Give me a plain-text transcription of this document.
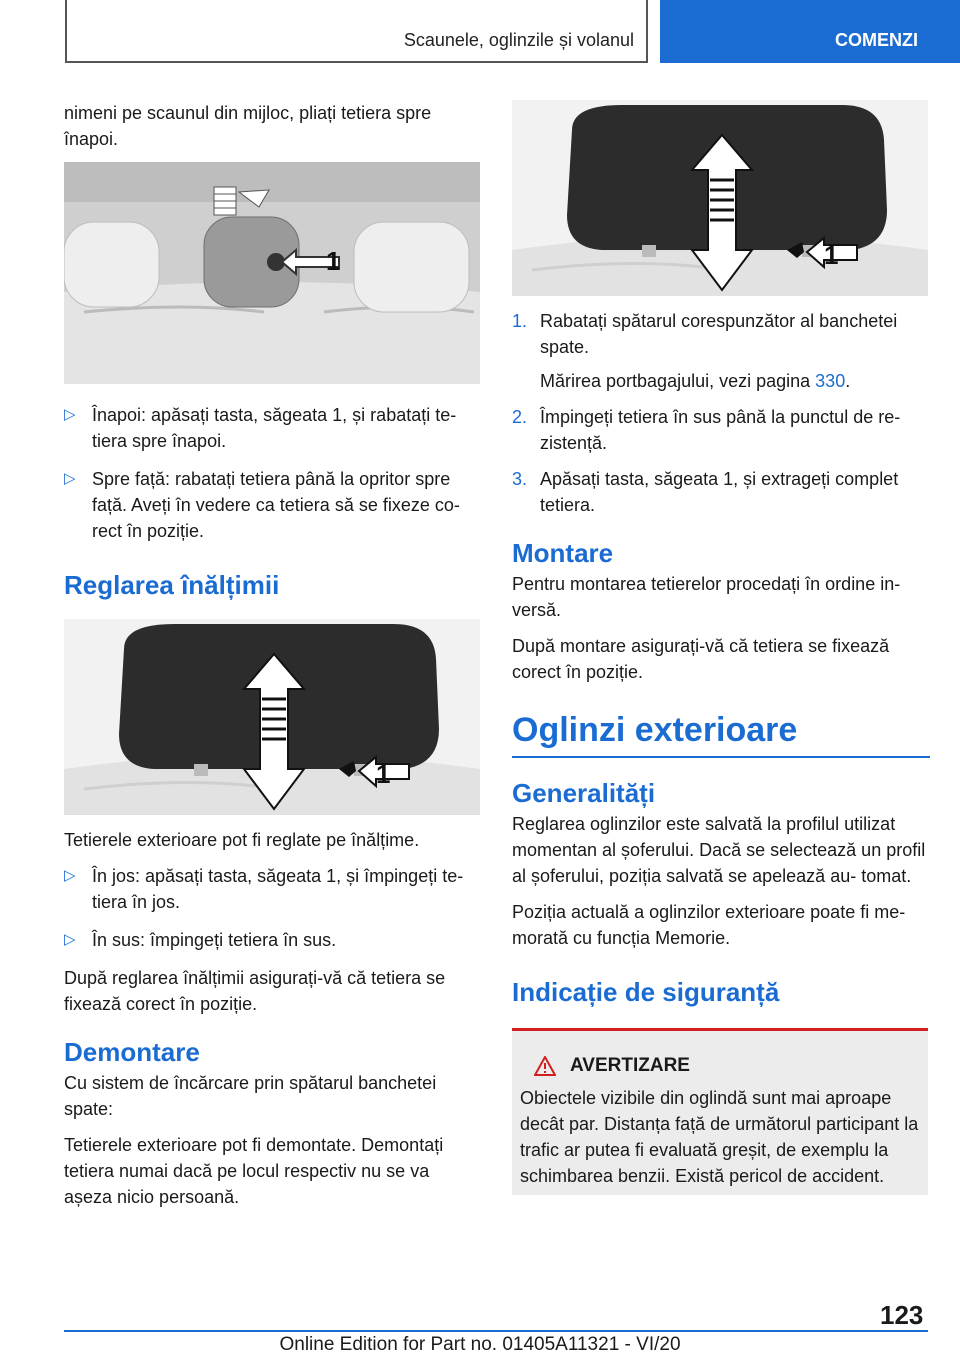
Scaunele, oglinzile și volanul	COMENZI

nimeni pe scaunul din mijloc, pliați tetiera spre înapoi.

1
▷ Înapoi: apăsați tasta, săgeata 1, și rabatați te- tiera spre înapoi.
▷ Spre față: rabatați tetiera până la opritor spre față. Aveți în vedere ca tetiera să se fixeze co- rect în poziție.
Reglarea înălțimii
1

Tetierele exterioare pot fi reglate pe înălțime.

▷ În jos: apăsați tasta, săgeata 1, și împingeți te- tiera în jos.
▷ În sus: împingeți tetiera în sus.

După reglarea înălțimii asigurați-vă că tetiera se fixează corect în poziție.

Demontare

Cu sistem de încărcare prin spătarul banchetei spate:

Tetierele exterioare pot fi demontate. Demontați tetiera numai dacă pe locul respectiv nu se va așeza nicio persoană.

1
1. Rabatați spătarul corespunzător al banchetei spate.
Mărirea portbagajului, vezi pagina 330.
2. Împingeți tetiera în sus până la punctul de re- zistență.
3. Apăsați tasta, săgeata 1, și extrageți complet tetiera.
Montare

Pentru montarea tetierelor procedați în ordine in- versă.

După montare asigurați-vă că tetiera se fixează corect în poziție.

Oglinzi exterioare
Generalități

Reglarea oglinzilor este salvată la profilul utilizat momentan al șoferului. Dacă se selectează un profil al șoferului, poziția salvată se apelează au- tomat.

Poziția actuală a oglinzilor exterioare poate fi me- morată cu funcția Memorie.

Indicație de siguranță
AVERTIZARE

Obiectele vizibile din oglindă sunt mai aproape decât par. Distanța față de următorul participant la trafic ar putea fi evaluată greșit, de exemplu la schimbarea benzii. Există pericol de accident.

123
Online Edition for Part no. 01405A11321 - VI/20
